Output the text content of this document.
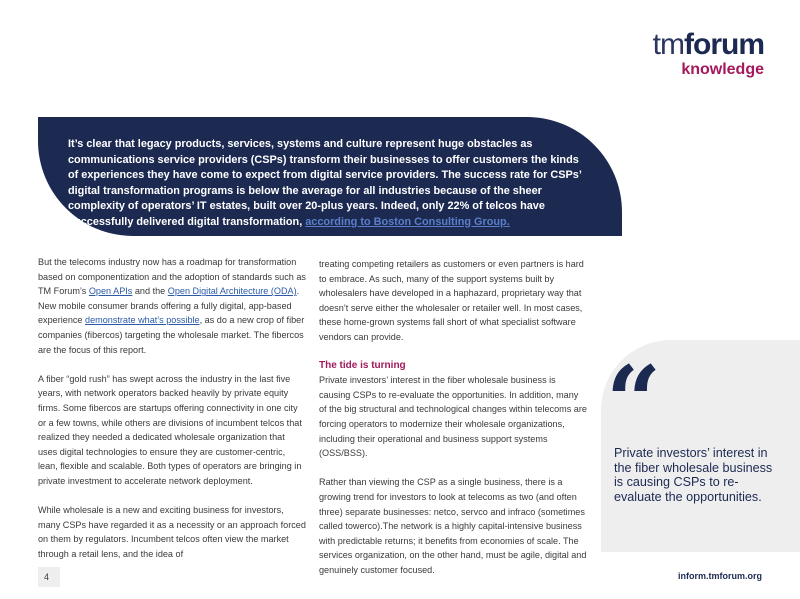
tmforum
knowledge
It’s clear that legacy products, services, systems and culture represent huge obstacles as communications service providers (CSPs) transform their businesses to offer customers the kinds of experiences they have come to expect from digital service providers. The success rate for CSPs’ digital transformation programs is below the average for all industries because of the sheer complexity of operators’ IT estates, built over 20-plus years. Indeed, only 22% of telcos have successfully delivered digital transformation, according to Boston Consulting Group.

But the telecoms industry now has a roadmap for transformation based on componentization and the adoption of standards such as TM Forum’s Open APIs and the Open Digital Architecture (ODA). New mobile consumer brands offering a fully digital, app-based experience demonstrate what’s possible, as do a new crop of fiber companies (fibercos) targeting the wholesale market. The fibercos are the focus of this report.

A fiber “gold rush” has swept across the industry in the last five years, with network operators backed heavily by private equity firms. Some fibercos are startups offering connectivity in one city or a few towns, while others are divisions of incumbent telcos that realized they needed a dedicated wholesale organization that uses digital technologies to ensure they are customer-centric, lean, flexible and scalable. Both types of operators are bringing in private investment to accelerate network deployment.

While wholesale is a new and exciting business for investors, many CSPs have regarded it as a necessity or an approach forced on them by regulators. Incumbent telcos often view the market through a retail lens, and the idea of

treating competing retailers as customers or even partners is hard to embrace. As such, many of the support systems built by wholesalers have developed in a haphazard, proprietary way that doesn’t serve either the wholesaler or retailer well. In most cases, these home-grown systems fall short of what specialist software vendors can provide.

The tide is turning

Private investors’ interest in the fiber wholesale business is causing CSPs to re-evaluate the opportunities. In addition, many of the big structural and technological changes within telecoms are forcing operators to modernize their wholesale organizations, including their operational and business support systems (OSS/BSS).

Rather than viewing the CSP as a single business, there is a growing trend for investors to look at telecoms as two (and often three) separate businesses: netco, servco and infraco (sometimes called towerco).The network is a highly capital-intensive business with predictable returns; it benefits from economies of scale. The services organization, on the other hand, must be agile, digital and genuinely customer focused.

“
Private investors’ interest in the fiber wholesale business is causing CSPs to re-evaluate the opportunities.
4	inform.tmforum.org
